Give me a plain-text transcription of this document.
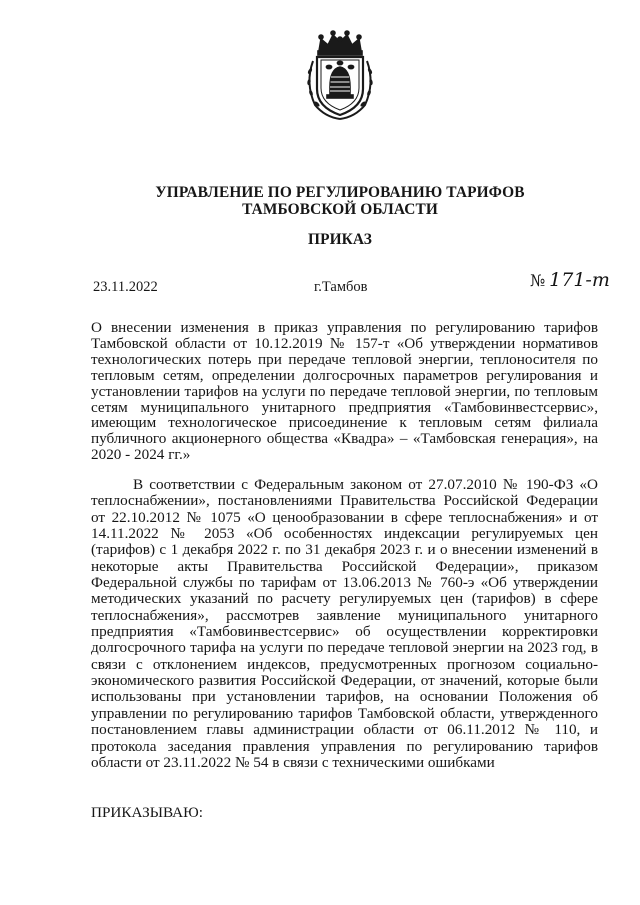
УПРАВЛЕНИЕ ПО РЕГУЛИРОВАНИЮ ТАРИФОВ
ТАМБОВСКОЙ ОБЛАСТИ
ПРИКАЗ
23.11.2022	г.Тамбов	№ 171-т
О внесении изменения в приказ управления по регулированию тарифов Тамбовской области от 10.12.2019 № 157-т «Об утверждении нормативов технологических потерь при передаче тепловой энергии, теплоносителя по тепловым сетям, определении долгосрочных параметров регулирования и установлении тарифов на услуги по передаче тепловой энергии, по тепловым сетям муниципального унитарного предприятия «Тамбовинвестсервис», имеющим технологическое присоединение к тепловым сетям филиала публичного акционерного общества «Квадра» – «Тамбовская генерация», на 2020 - 2024 гг.»
В соответствии с Федеральным законом от 27.07.2010 № 190-ФЗ «О теплоснабжении», постановлениями Правительства Российской Федерации от 22.10.2012 № 1075 «О ценообразовании в сфере теплоснабжения» и от 14.11.2022 № 2053 «Об особенностях индексации регулируемых цен (тарифов) с 1 декабря 2022 г. по 31 декабря 2023 г. и о внесении изменений в некоторые акты Правительства Российской Федерации», приказом Федеральной службы по тарифам от 13.06.2013 № 760-э «Об утверждении методических указаний по расчету регулируемых цен (тарифов) в сфере теплоснабжения», рассмотрев заявление муниципального унитарного предприятия «Тамбовинвестсервис» об осуществлении корректировки долгосрочного тарифа на услуги по передаче тепловой энергии на 2023 год, в связи с отклонением индексов, предусмотренных прогнозом социально-экономического развития Российской Федерации, от значений, которые были использованы при установлении тарифов, на основании Положения об управлении по регулированию тарифов Тамбовской области, утвержденного постановлением главы администрации области от 06.11.2012 № 110, и протокола заседания правления управления по регулированию тарифов области от 23.11.2022 № 54 в связи с техническими ошибками
ПРИКАЗЫВАЮ:
